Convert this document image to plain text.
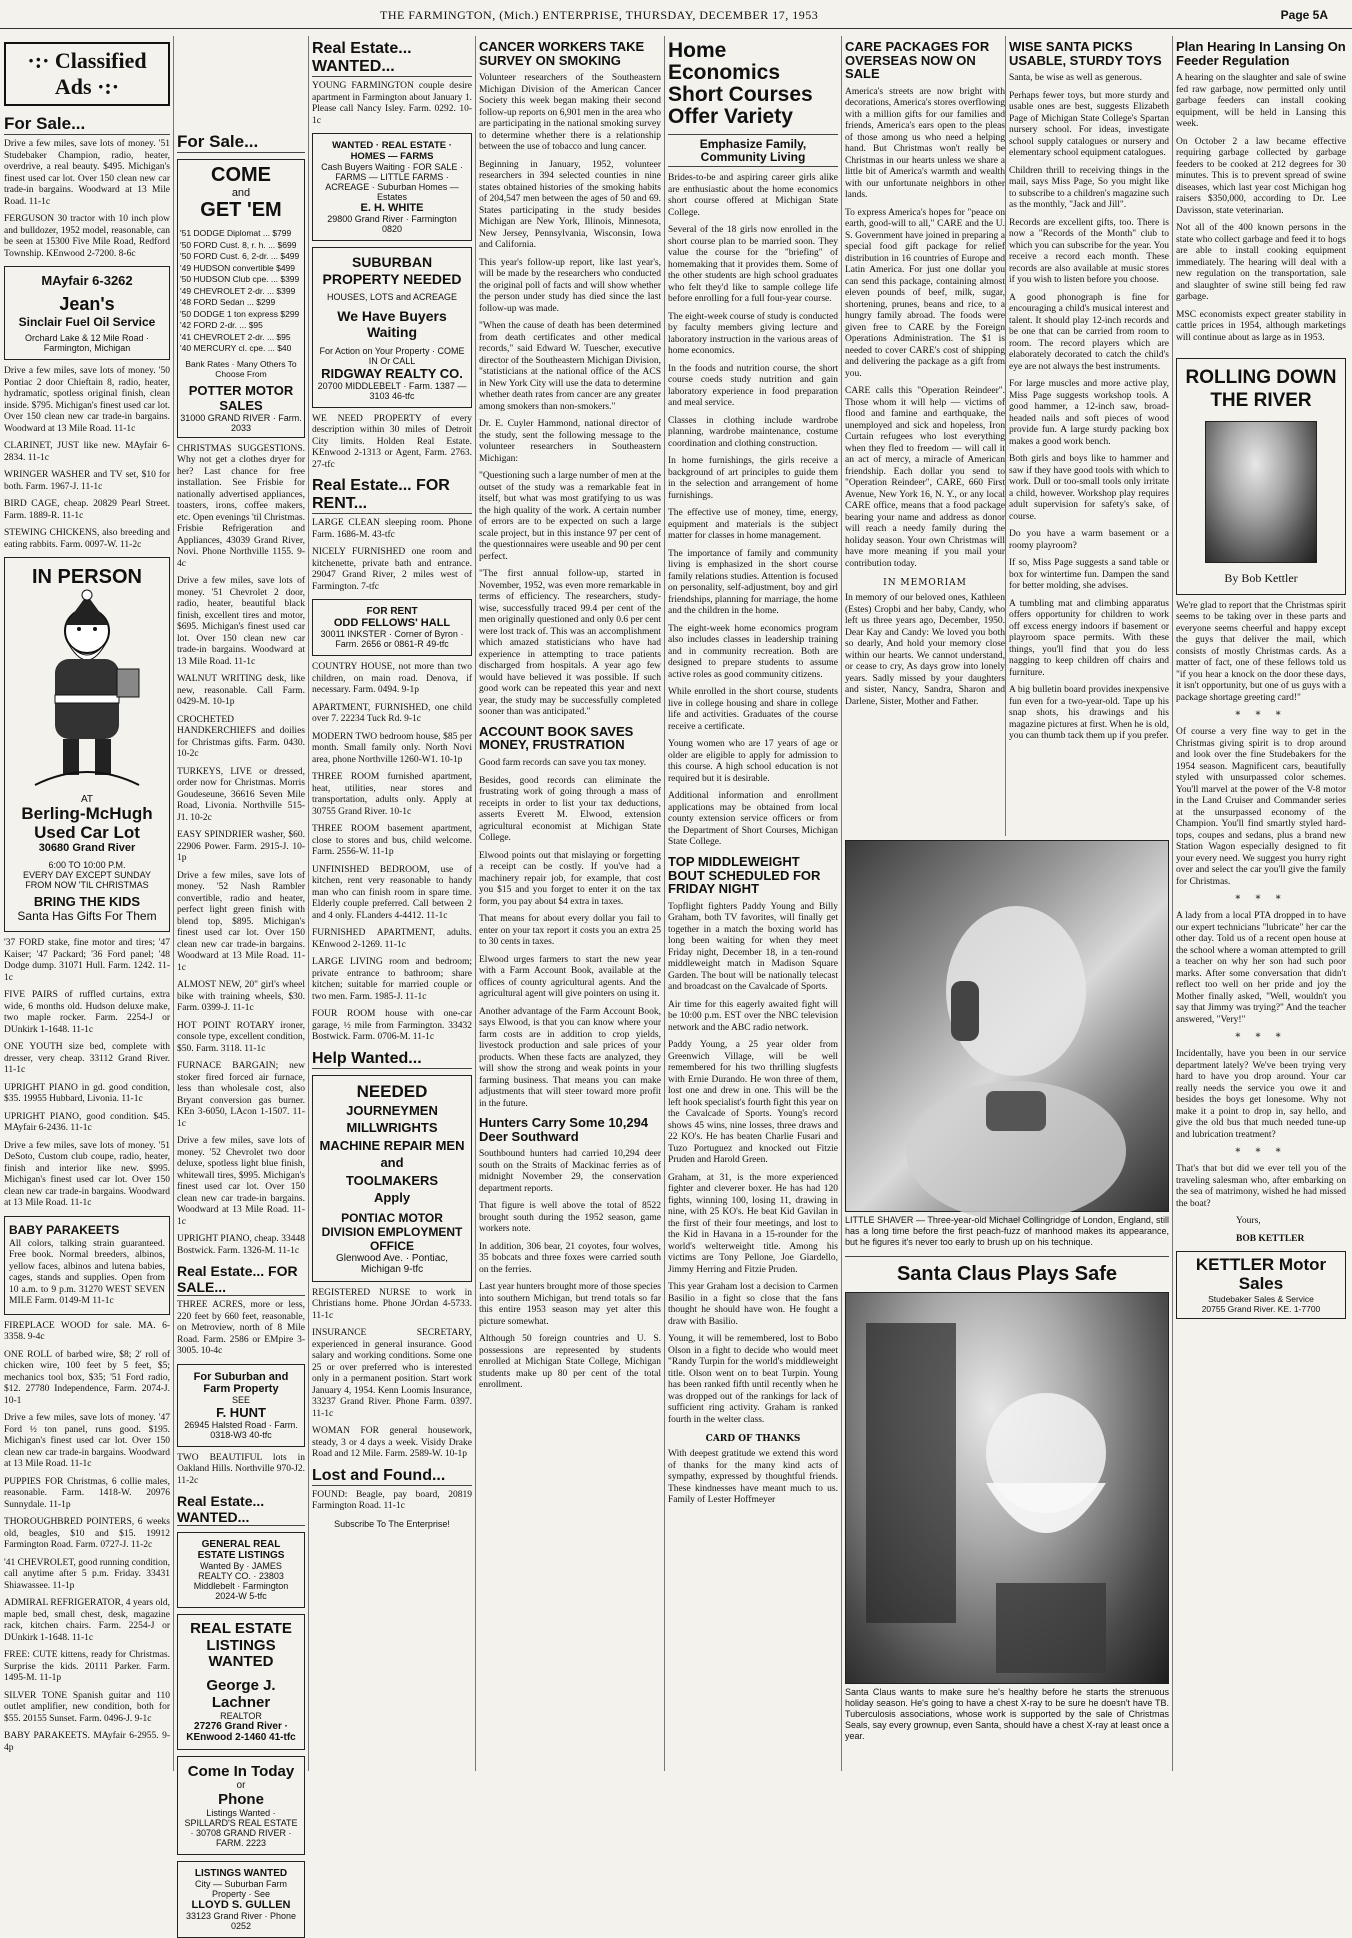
THE FARMINGTON, (Mich.) ENTERPRISE, THURSDAY, DECEMBER 17, 1953	Page 5A
·:· Classified Ads ·:·
For Sale...

Drive a few miles, save lots of money. '51 Studebaker Champion, radio, heater, overdrive, a real beauty. $495. Michigan's finest used car lot. Over 150 clean new car trade-in bargains. Woodward at 13 Mile Road. 11-1c

FERGUSON 30 tractor with 10 inch plow and bulldozer, 1952 model, reasonable, can be seen at 15300 Five Mile Road, Redford Township. KEnwood 2-7200. 8-6c

MAyfair 6-3262
Jean's
Sinclair Fuel Oil Service
Orchard Lake & 12 Mile Road · Farmington, Michigan

Drive a few miles, save lots of money. '50 Pontiac 2 door Chieftain 8, radio, heater, hydramatic, spotless original finish, clean inside. $795. Michigan's finest used car lot. Over 150 clean new car trade-in bargains. Woodward at 13 Mile Road. 11-1c

CLARINET, JUST like new. MAyfair 6-2834. 11-1c

WRINGER WASHER and TV set, $10 for both. Farm. 1967-J. 11-1c

BIRD CAGE, cheap. 20829 Pearl Street. Farm. 1889-R. 11-1c

STEWING CHICKENS, also breeding and eating rabbits. Farm. 0097-W. 11-2c

IN PERSON
AT
Berling-McHugh Used Car Lot
30680 Grand River
6:00 TO 10:00 P.M.
EVERY DAY EXCEPT SUNDAY FROM NOW 'TIL CHRISTMAS
BRING THE KIDS
Santa Has Gifts For Them

'37 FORD stake, fine motor and tires; '47 Kaiser; '47 Packard; '36 Ford panel; '48 Dodge dump. 31071 Hull. Farm. 1242. 11-1c

FIVE PAIRS of ruffled curtains, extra wide, 6 months old. Hudson deluxe make, two maple rocker. Farm. 2254-J or DUnkirk 1-1648. 11-1c

ONE YOUTH size bed, complete with dresser, very cheap. 33112 Grand River. 11-1c

UPRIGHT PIANO in gd. good condition, $35. 19955 Hubbard, Livonia. 11-1c

UPRIGHT PIANO, good condition. $45. MAyfair 6-2436. 11-1c

Drive a few miles, save lots of money. '51 DeSoto, Custom club coupe, radio, heater, finish and interior like new. $995. Michigan's finest used car lot. Over 150 clean new car trade-in bargains. Woodward at 13 Mile Road. 11-1c

BABY PARAKEETS
All colors, talking strain guaranteed. Free book. Normal breeders, albinos, yellow faces, albinos and lutena babies, cages, stands and supplies. Open from 10 a.m. to 9 p.m. 31270 WEST SEVEN MILE Farm. 0149-M 11-1c

FIREPLACE WOOD for sale. MA. 6-3358. 9-4c

ONE ROLL of barbed wire, $8; 2' roll of chicken wire, 100 feet by 5 feet, $5; mechanics tool box, $35; '51 Ford radio, $12. 27780 Independence, Farm. 2074-J. 10-1

Drive a few miles, save lots of money. '47 Ford ½ ton panel, runs good. $195. Michigan's finest used car lot. Over 150 clean new car trade-in bargains. Woodward at 13 Mile Road. 11-1c

PUPPIES FOR Christmas, 6 collie males, reasonable. Farm. 1418-W. 20976 Sunnydale. 11-1p

THOROUGHBRED POINTERS, 6 weeks old, beagles, $10 and $15. 19912 Farmington Road. Farm. 0727-J. 11-2c

'41 CHEVROLET, good running condition, call anytime after 5 p.m. Friday. 33431 Shiawassee. 11-1p

ADMIRAL REFRIGERATOR, 4 years old, maple bed, small chest, desk, magazine rack, kitchen chairs. Farm. 2254-J or DUnkirk 1-1648. 11-1c

FREE: CUTE kittens, ready for Christmas. Surprise the kids. 20111 Parker. Farm. 1495-M. 11-1p

SILVER TONE Spanish guitar and 110 outlet amplifier, new condition, both for $55. 20155 Sunset. Farm. 0496-J. 9-1c

BABY PARAKEETS. MAyfair 6-2955. 9-4p

For Sale...
COME
and
GET 'EM
'51 DODGE Diplomat ... $799
'50 FORD Cust. 8, r. h. ... $699
'50 FORD Cust. 6, 2-dr. ... $499
'49 HUDSON convertible $499
'50 HUDSON Club cpe. ... $399
'49 CHEVROLET 2-dr. ... $399
'48 FORD Sedan ... $299
'50 DODGE 1 ton express $299
'42 FORD 2-dr. ... $95
'41 CHEVROLET 2-dr. ... $95
'40 MERCURY cl. cpe. ... $40
Bank Rates · Many Others To Choose From
POTTER MOTOR SALES
31000 GRAND RIVER · Farm. 2033

CHRISTMAS SUGGESTIONS. Why not get a clothes dryer for her? Last chance for free installation. See Frisbie for nationally advertised appliances, toasters, irons, coffee makers, etc. Open evenings 'til Christmas. Frisbie Refrigeration and Appliances, 43039 Grand River, Novi. Phone Northville 1155. 9-4c

Drive a few miles, save lots of money. '51 Chevrolet 2 door, radio, heater, beautiful black finish, excellent tires and motor, $695. Michigan's finest used car lot. Over 150 clean new car trade-in bargains. Woodward at 13 Mile Road. 11-1c

WALNUT WRITING desk, like new, reasonable. Call Farm. 0429-M. 10-1p

CROCHETED HANDKERCHIEFS and doilies for Christmas gifts. Farm. 0430. 10-2c

TURKEYS, LIVE or dressed, order now for Christmas. Morris Goudeseune, 36616 Seven Mile Road, Livonia. Northville 515-J1. 10-2c

EASY SPINDRIER washer, $60. 22906 Power. Farm. 2915-J. 10-1p

Drive a few miles, save lots of money. '52 Nash Rambler convertible, radio and heater, perfect light green finish with blend top, $895. Michigan's finest used car lot. Over 150 clean new car trade-in bargains. Woodward at 13 Mile Road. 11-1c

ALMOST NEW, 20" girl's wheel bike with training wheels, $30. Farm. 0399-J. 11-1c

HOT POINT ROTARY ironer, console type, excellent condition, $50. Farm. 3118. 11-1c

FURNACE BARGAIN; new stoker fired forced air furnace, less than wholesale cost, also Bryant conversion gas burner. KEn 3-6050, LAcon 1-1507. 11-1c

Drive a few miles, save lots of money. '52 Chevrolet two door deluxe, spotless light blue finish, whitewall tires, $995. Michigan's finest used car lot. Over 150 clean new car trade-in bargains. Woodward at 13 Mile Road. 11-1c

UPRIGHT PIANO, cheap. 33448 Bostwick. Farm. 1326-M. 11-1c

Real Estate... FOR SALE...

THREE ACRES, more or less, 220 feet by 660 feet, reasonable, on Metroview, north of 8 Mile Road. Farm. 2586 or EMpire 3-3005. 10-4c

For Suburban and Farm Property
SEE
F. HUNT
26945 Halsted Road · Farm. 0318-W3 40-tfc

TWO BEAUTIFUL lots in Oakland Hills. Northville 970-J2. 11-2c

Real Estate... WANTED...
GENERAL REAL ESTATE LISTINGS
Wanted By · JAMES REALTY CO. · 23803 Middlebelt · Farmington 2024-W 5-tfc
REAL ESTATE LISTINGS WANTED
George J. Lachner
REALTOR
27276 Grand River · KEnwood 2-1460 41-tfc
Come In Today
or
Phone
Listings Wanted · SPILLARD'S REAL ESTATE · 30708 GRAND RIVER · FARM. 2223
LISTINGS WANTED
City — Suburban Farm Property · See
LLOYD S. GULLEN
33123 Grand River · Phone 0252
Real Estate... WANTED...

YOUNG FARMINGTON couple desire apartment in Farmington about January 1. Please call Nancy Isley. Farm. 0292. 10-1c

WANTED · REAL ESTATE · HOMES — FARMS
Cash Buyers Waiting · FOR SALE · FARMS — LITTLE FARMS · ACREAGE · Suburban Homes — Estates
E. H. WHITE
29800 Grand River · Farmington 0820
SUBURBAN PROPERTY NEEDED
HOUSES, LOTS and ACREAGE
We Have Buyers Waiting
For Action on Your Property · COME IN Or CALL
RIDGWAY REALTY CO.
20700 MIDDLEBELT · Farm. 1387 — 3103 46-tfc

WE NEED PROPERTY of every description within 30 miles of Detroit City limits. Holden Real Estate. KEnwood 2-1313 or Agent, Farm. 2763. 27-tfc

Real Estate... FOR RENT...

LARGE CLEAN sleeping room. Phone Farm. 1686-M. 43-tfc

NICELY FURNISHED one room and kitchenette, private bath and entrance. 29047 Grand River, 2 miles west of Farmington. 7-tfc

FOR RENT
ODD FELLOWS' HALL
30011 INKSTER · Corner of Byron · Farm. 2656 or 0861-R 49-tfc

COUNTRY HOUSE, not more than two children, on main road. Denova, if necessary. Farm. 0494. 9-1p

APARTMENT, FURNISHED, one child over 7. 22234 Tuck Rd. 9-1c

MODERN TWO bedroom house, $85 per month. Small family only. North Novi area, phone Northville 1260-W1. 10-1p

THREE ROOM furnished apartment, heat, utilities, near stores and transportation, adults only. Apply at 30755 Grand River. 10-1c

THREE ROOM basement apartment, close to stores and bus, child welcome. Farm. 2556-W. 11-1p

UNFINISHED BEDROOM, use of kitchen, rent very reasonable to handy man who can finish room in spare time. Elderly couple preferred. Call between 2 and 4 only. FLanders 4-4412. 11-1c

FURNISHED APARTMENT, adults. KEnwood 2-1269. 11-1c

LARGE LIVING room and bedroom; private entrance to bathroom; share kitchen; suitable for married couple or two men. Farm. 1985-J. 11-1c

FOUR ROOM house with one-car garage, ½ mile from Farmington. 33432 Bostwick. Farm. 0706-M. 11-1c

Help Wanted...
NEEDED
JOURNEYMEN
MILLWRIGHTS
MACHINE REPAIR MEN
and
TOOLMAKERS
Apply
PONTIAC MOTOR DIVISION EMPLOYMENT OFFICE
Glenwood Ave. · Pontiac, Michigan 9-tfc

REGISTERED NURSE to work in Christians home. Phone JOrdan 4-5733. 11-1c

INSURANCE SECRETARY, experienced in general insurance. Good salary and working conditions. Some one 25 or over preferred who is interested only in a permanent position. Start work January 4, 1954. Kenn Loomis Insurance, 33237 Grand River. Phone Farm. 0397. 11-1c

WOMAN FOR general housework, steady, 3 or 4 days a week. Visidy Drake Road and 12 Mile. Farm. 2589-W. 10-1p

Lost and Found...

FOUND: Beagle, pay board, 20819 Farmington Road. 11-1c

Subscribe To The Enterprise!
CANCER WORKERS TAKE SURVEY ON SMOKING

Volunteer researchers of the Southeastern Michigan Division of the American Cancer Society this week began making their second follow-up reports on 6,901 men in the area who are participating in the national smoking survey to determine whether there is a relationship between the use of tobacco and lung cancer.

Beginning in January, 1952, volunteer researchers in 394 selected counties in nine states obtained histories of the smoking habits of 204,547 men between the ages of 50 and 69. States participating in the study besides Michigan are New York, Illinois, Minnesota, New Jersey, Pennsylvania, Wisconsin, Iowa and California.

This year's follow-up report, like last year's, will be made by the researchers who conducted the original poll of facts and will show whether the person under study has died since the last follow-up was made.

"When the cause of death has been determined from death certificates and other medical records," said Edward W. Tuescher, executive director of the Southeastern Michigan Division, "statisticians at the national office of the ACS in New York City will use the data to determine whether death rates from cancer are any greater among smokers than non-smokers."

Dr. E. Cuyler Hammond, national director of the study, sent the following message to the volunteer researchers in Southeastern Michigan:

"Questioning such a large number of men at the outset of the study was a remarkable feat in itself, but what was most gratifying to us was the high quality of the work. A certain number of errors are to be expected on such a large scale project, but in this instance 97 per cent of the questionnaires were useable and 90 per cent perfect.

"The first annual follow-up, started in November, 1952, was even more remarkable in terms of efficiency. The researchers, study-wise, successfully traced 99.4 per cent of the men originally questioned and only 0.6 per cent were lost track of. This was an accomplishment which amazed statisticians who have had experience in attempting to trace patients discharged from hospitals. A year ago few would have believed it was possible. If such good work can be repeated this year and next year, the study may be successfully completed sooner than was anticipated."

ACCOUNT BOOK SAVES MONEY, FRUSTRATION

Good farm records can save you tax money.

Besides, good records can eliminate the frustrating work of going through a mass of receipts in order to list your tax deductions, asserts Everett M. Elwood, extension agricultural economist at Michigan State College.

Elwood points out that mislaying or forgetting a receipt can be costly. If you've had a machinery repair job, for example, that cost you $15 and you forget to enter it on the tax form, you pay about $4 extra in taxes.

That means for about every dollar you fail to enter on your tax report it costs you an extra 25 to 30 cents in taxes.

Elwood urges farmers to start the new year with a Farm Account Book, available at the offices of county agricultural agents. And the agricultural agent will give pointers on using it.

Another advantage of the Farm Account Book, says Elwood, is that you can know where your farm costs are in addition to crop yields, livestock production and sale prices of your products. When these facts are analyzed, they will show the strong and weak points in your farming business. That means you can make adjustments that will steer toward more profit in the future.

Hunters Carry Some 10,294 Deer Southward

Southbound hunters had carried 10,294 deer south on the Straits of Mackinac ferries as of midnight November 29, the conservation department reports.

That figure is well above the total of 8522 brought south during the 1952 season, game workers note.

In addition, 306 bear, 21 coyotes, four wolves, 35 bobcats and three foxes were carried south on the ferries.

Last year hunters brought more of those species into southern Michigan, but trend totals so far this entire 1953 season may yet alter this picture somewhat.

Although 50 foreign countries and U. S. possessions are represented by students enrolled at Michigan State College, Michigan students make up 80 per cent of the total enrollment.

Home Economics Short Courses Offer Variety
Emphasize Family, Community Living

Brides-to-be and aspiring career girls alike are enthusiastic about the home economics short course offered at Michigan State College.

Several of the 18 girls now enrolled in the short course plan to be married soon. They value the course for the "briefing" of homemaking that it provides them. Some of the other students are high school graduates who felt they'd like to sample college life before enrolling for a full four-year course.

The eight-week course of study is conducted by faculty members giving lecture and laboratory instruction in the various areas of home economics.

In the foods and nutrition course, the short course coeds study nutrition and gain laboratory experience in food preparation and meal service.

Classes in clothing include wardrobe planning, wardrobe maintenance, costume coordination and clothing construction.

In home furnishings, the girls receive a background of art principles to guide them in the selection and arrangement of home furnishings.

The effective use of money, time, energy, equipment and materials is the subject matter for classes in home management.

The importance of family and community living is emphasized in the short course family relations studies. Attention is focused on personality, self-adjustment, boy and girl friendships, planning for marriage, the home and the children in the home.

The eight-week home economics program also includes classes in leadership training and in community recreation. Both are designed to prepare students to assume active roles as good community citizens.

While enrolled in the short course, students live in college housing and share in college life and activities. Graduates of the course receive a certificate.

Young women who are 17 years of age or older are eligible to apply for admission to this course. A high school education is not required but it is desirable.

Additional information and enrollment applications may be obtained from local county extension service officers or from the Department of Short Courses, Michigan State College.

TOP MIDDLEWEIGHT BOUT SCHEDULED FOR FRIDAY NIGHT

Topflight fighters Paddy Young and Billy Graham, both TV favorites, will finally get together in a match the boxing world has long been waiting for when they meet Friday night, December 18, in a ten-round middleweight match in Madison Square Garden. The bout will be nationally telecast and broadcast on the Cavalcade of Sports.

Air time for this eagerly awaited fight will be 10:00 p.m. EST over the NBC television network and the ABC radio network.

Paddy Young, a 25 year older from Greenwich Village, will be well remembered for his two thrilling slugfests with Ernie Durando. He won three of them, lost one and drew in one. This will be the left hook specialist's fourth fight this year on the Cavalcade of Sports. Young's record shows 45 wins, nine losses, three draws and 22 KO's. He has beaten Charlie Fusari and Tuzo Portuguez and knocked out Fitzie Pruden and Harold Green.

Graham, at 31, is the more experienced fighter and cleverer boxer. He has had 120 fights, winning 100, losing 11, drawing in nine, with 25 KO's. He beat Kid Gavilan in the first of their four meetings, and lost to the Kid in Havana in a 15-rounder for the world's welterweight title. Among his victims are Tony Pellone, Joe Giardello, Jimmy Herring and Fitzie Pruden.

This year Graham lost a decision to Carmen Basilio in a fight so close that the fans thought he should have won. He fought a draw with Basilio.

Young, it will be remembered, lost to Bobo Olson in a fight to decide who would meet "Randy Turpin for the world's middleweight title. Olson went on to beat Turpin. Young has been ranked fifth until recently when he was dropped out of the rankings for lack of sufficient ring activity. Graham is ranked fourth in the welter class.

CARD OF THANKS

With deepest gratitude we extend this word of thanks for the many kind acts of sympathy, expressed by thoughtful friends. These kindnesses have meant much to us. Family of Lester Hoffmeyer

CARE PACKAGES FOR OVERSEAS NOW ON SALE

America's streets are now bright with decorations, America's stores overflowing with a million gifts for our families and friends, America's ears open to the pleas of those among us who need a helping hand. But Christmas won't really be Christmas in our hearts unless we share a little bit of America's warmth and wealth with our unfortunate neighbors in other lands.

To express America's hopes for "peace on earth, good-will to all," CARE and the U. S. Government have joined in preparing a special food gift package for relief distribution in 16 countries of Europe and Latin America. For just one dollar you can send this package, containing almost eleven pounds of beef, milk, sugar, shortening, prunes, beans and rice, to a hungry family abroad. The foods were given free to CARE by the Foreign Operations Administration. The $1 is needed to cover CARE's cost of shipping and delivering the package as a gift from you.

CARE calls this "Operation Reindeer". Those whom it will help — victims of flood and famine and earthquake, the unemployed and sick and hopeless, Iron Curtain refugees who lost everything when they fled to freedom — will call it an act of mercy, a miracle of American friendship. Each dollar you send to "Operation Reindeer", CARE, 660 First Avenue, New York 16, N. Y., or any local CARE office, means that a food package bearing your name and address as donor will reach a needy family during the holiday season. Your own Christmas will have more meaning if you mail your contribution today.

IN MEMORIAM

In memory of our beloved ones, Kathleen (Estes) Cropbi and her baby, Candy, who left us three years ago, December, 1950. Dear Kay and Candy: We loved you both so dearly, And hold your memory close within our hearts. We cannot understand, or cease to cry, As days grow into lonely years. Sadly missed by your daughters and sister, Nancy, Sandra, Sharon and Darlene, Sister, Mother and Father.

WISE SANTA PICKS USABLE, STURDY TOYS

Santa, be wise as well as generous.

Perhaps fewer toys, but more sturdy and usable ones are best, suggests Elizabeth Page of Michigan State College's Spartan nursery school. For ideas, investigate school supply catalogues or nursery and elementary school equipment catalogues.

Children thrill to receiving things in the mail, says Miss Page, So you might like to subscribe to a children's magazine such as the monthly, "Jack and Jill".

Records are excellent gifts, too. There is now a "Records of the Month" club to which you can subscribe for the year. You receive a record each month. These records are also available at music stores if you wish to listen before you choose.

A good phonograph is fine for encouraging a child's musical interest and talent. It should play 12-inch records and be one that can be carried from room to room. The record players which are elaborately decorated to catch the child's eye are not always the best instruments.

For large muscles and more active play, Miss Page suggests workshop tools. A good hammer, a 12-inch saw, broad-headed nails and soft pieces of wood provide fun. A large sturdy packing box makes a good work bench.

Both girls and boys like to hammer and saw if they have good tools with which to work. Dull or too-small tools only irritate a child, however. Workshop play requires adult supervision for safety's sake, of course.

Do you have a warm basement or a roomy playroom?

If so, Miss Page suggests a sand table or box for wintertime fun. Dampen the sand for better molding, she advises.

A tumbling mat and climbing apparatus offers opportunity for children to work off excess energy indoors if basement or playroom space permits. With these things, you'll find that you do less nagging to keep children off chairs and furniture.

A big bulletin board provides inexpensive fun even for a two-year-old. Tape up his snap shots, his drawings and his magazine pictures at first. When he is old, you can thumb tack them up if you prefer.

LITTLE SHAVER — Three-year-old Michael Collingridge of London, England, still has a long time before the first peach-fuzz of manhood makes its appearance, but he figures it's never too early to brush up on his technique.
Santa Claus Plays Safe
Santa Claus wants to make sure he's healthy before he starts the strenuous holiday season. He's going to have a chest X-ray to be sure he doesn't have TB. Tuberculosis associations, whose work is supported by the sale of Christmas Seals, say every grownup, even Santa, should have a chest X-ray at least once a year.
Plan Hearing In Lansing On Feeder Regulation

A hearing on the slaughter and sale of swine fed raw garbage, now permitted only until garbage feeders can install cooking equipment, will be held in Lansing this week.

On October 2 a law became effective requiring garbage collected by garbage feeders to be cooked at 212 degrees for 30 minutes. This is to prevent spread of swine diseases, which last year cost Michigan hog raisers $350,000, according to Dr. Lee Davisson, state veterinarian.

Not all of the 400 known persons in the state who collect garbage and feed it to hogs are able to install cooking equipment immediately. The hearing will deal with a new regulation on the transportation, sale and slaughter of swine still being fed raw garbage.

MSC economists expect greater stability in cattle prices in 1954, although marketings will continue about as large as in 1953.

ROLLING DOWN THE RIVER
By Bob Kettler

We're glad to report that the Christmas spirit seems to be taking over in these parts and everyone seems cheerful and happy except the guys that deliver the mail, which consists of mostly Christmas cards. As a matter of fact, one of these fellows told us "if you hear a knock on the door these days, it isn't opportunity, but one of us guys with a package shortage greeting card!"

* * *

Of course a very fine way to get in the Christmas giving spirit is to drop around and look over the fine Studebakers for the 1954 season. Magnificent cars, beautifully styled with unsurpassed color schemes. You'll marvel at the power of the V-8 motor in the Land Cruiser and Commander series at the unsurpassed economy of the Champion. You'll find smartly styled hard-tops, coupes and sedans, plus a brand new Station Wagon especially designed to fit your every need. We suggest you hurry right over and select the car you'll give the family for Christmas.

* * *

A lady from a local PTA dropped in to have our expert technicians "lubricate" her car the other day. Told us of a recent open house at the school where a woman attempted to grill a teacher on why her son had such poor marks. After some conversation that didn't reflect too well on her pride and joy the Mother finally asked, "Well, wouldn't you say that Jimmy was trying?" And the teacher answered, "Very!"

* * *

Incidentally, have you been in our service department lately? We've been trying very hard to have you drop around. Your car really needs the service you owe it and besides the boys get lonesome. Why not make it a point to drop in, say hello, and give the old bus that much needed tune-up and lubrication treatment?

* * *

That's that but did we ever tell you of the traveling salesman who, after embarking on the sea of matrimony, wished he had missed the boat?

Yours,
BOB KETTLER
KETTLER Motor Sales
Studebaker Sales & Service
20755 Grand River. KE. 1-7700
